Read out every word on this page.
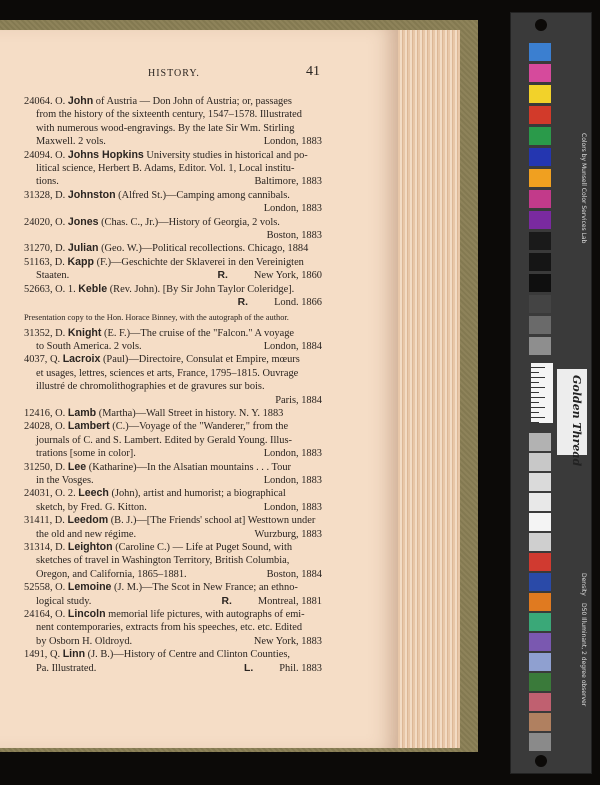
HISTORY.	41
24064. O. John of Austria — Don John of Austria; or, passages
from the history of the sixteenth century, 1547–1578. Illustrated
with numerous wood-engravings. By the late Sir Wm. Stirling
Maxwell. 2 vols.	London, 1883
24094. O. Johns Hopkins University studies in historical and po-
litical science, Herbert B. Adams, Editor. Vol. 1, Local institu-
tions.	Baltimore, 1883
31328, D. Johnston (Alfred St.)—Camping among cannibals.
London, 1883
24020, O. Jones (Chas. C., Jr.)—History of Georgia, 2 vols.
Boston, 1883
31270, D. Julian (Geo. W.)—Political recollections. Chicago, 1884
51163, D. Kapp (F.)—Geschichte der Sklaverei in den Vereinigten
Staaten.	R.	New York, 1860
52663, O. 1. Keble (Rev. John). [By Sir John Taylor Coleridge].
R.	Lond. 1866
Presentation copy to the Hon. Horace Binney, with the autograph of the author.
31352, D. Knight (E. F.)—The cruise of the "Falcon." A voyage
to South America. 2 vols.	London, 1884
4037, Q. Lacroix (Paul)—Directoire, Consulat et Empire, mœurs
et usages, lettres, sciences et arts, France, 1795–1815. Ouvrage
illustré de chromolithographies et de gravures sur bois.
Paris, 1884
12416, O. Lamb (Martha)—Wall Street in history. N. Y. 1883
24028, O. Lambert (C.)—Voyage of the "Wanderer," from the
journals of C. and S. Lambert. Edited by Gerald Young. Illus-
trations [some in color].	London, 1883
31250, D. Lee (Katharine)—In the Alsatian mountains . . . Tour
in the Vosges.	London, 1883
24031, O. 2. Leech (John), artist and humorist; a biographical
sketch, by Fred. G. Kitton.	London, 1883
31411, D. Leedom (B. J.)—[The Friends' school at] Westtown under
the old and new régime.	Wurzburg, 1883
31314, D. Leighton (Caroline C.) — Life at Puget Sound, with
sketches of travel in Washington Territory, British Columbia,
Oregon, and California, 1865–1881.	Boston, 1884
52558, O. Lemoine (J. M.)—The Scot in New France; an ethno-
logical study.	R.	Montreal, 1881
24164, O. Lincoln memorial life pictures, with autographs of emi-
nent contemporaries, extracts from his speeches, etc. etc. Edited
by Osborn H. Oldroyd.	New York, 1883
1491, Q. Linn (J. B.)—History of Centre and Clinton Counties,
Pa. Illustrated.	L.	Phil. 1883
Colors by Munsell Color Services Lab
D50 Illuminant, 2 degree observer
Density
Golden Thread
